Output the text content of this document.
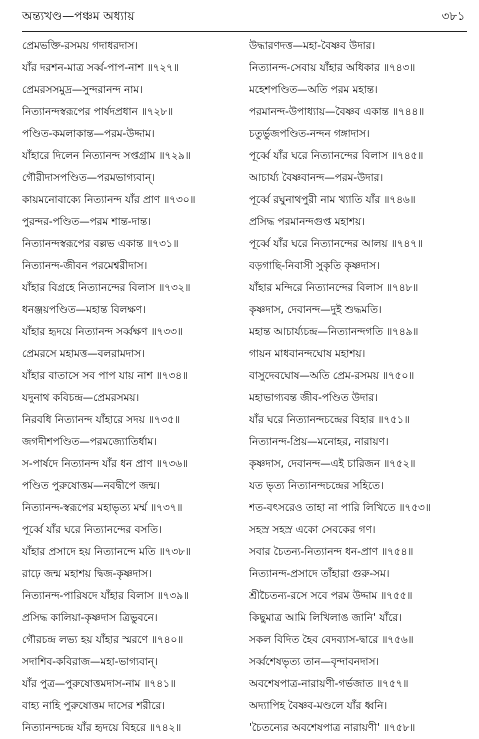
অন্ত্যখণ্ড—পঞ্চম অধ্যায়	৩৮১
প্রেমভক্তি-রসময় গদাধরদাস।
যাঁর দরশন-মাত্র সর্ব্ব-পাপ-নাশ ॥৭২৭॥
প্রেমরসসমুদ্র—সুন্দরানন্দ নাম।
নিত্যানন্দস্বরূপের পার্ষদপ্রধান ॥৭২৮॥
পণ্ডিত-কমলাকান্ত—পরম-উদ্দাম।
যাঁহারে দিলেন নিত্যানন্দ সপ্তগ্রাম ॥৭২৯॥
গৌরীদাসপণ্ডিত—পরমভাগ্যবান্।
কায়মনোবাক্যে নিত্যানন্দ যাঁর প্রাণ ॥৭৩০॥
পুরন্দর-পণ্ডিত—পরম শান্ত-দান্ত।
নিত্যানন্দস্বরূপের বল্লভ একান্ত ॥৭৩১॥
নিত্যানন্দ-জীবন পরমেশ্বরীদাস।
যাঁহার বিগ্রহে নিত্যানন্দের বিলাস ॥৭৩২॥
ধনঞ্জয়পণ্ডিত—মহান্ত বিলক্ষণ।
যাঁহার হৃদয়ে নিত্যানন্দ সর্ব্বক্ষণ ॥৭৩৩॥
প্রেমরসে মহামত্ত—বলরামদাস।
যাঁহার বাতাসে সব পাপ যায় নাশ ॥৭৩৪॥
যদুনাথ কবিচন্দ্র—প্রেমরসময়।
নিরবধি নিত্যানন্দ যাঁহারে সদয় ॥৭৩৫॥
জগদীশপণ্ডিত—পরমজ্যোতির্ধাম।
স-পার্ষদে নিত্যানন্দ যাঁর ধন প্রাণ ॥৭৩৬॥
পণ্ডিত পুরুষোত্তম—নবদ্বীপে জন্ম।
নিত্যানন্দ-স্বরূপের মহাভৃত্য মর্ম্ম ॥৭৩৭॥
পূর্ব্বে যাঁর ঘরে নিত্যানন্দের বসতি।
যাঁহার প্রসাদে হয় নিত্যানন্দে মতি ॥৭৩৮॥
রাঢ়ে জন্ম মহাশয় দ্বিজ-কৃষ্ণদাস।
নিত্যানন্দ-পারিষদে যাঁহার বিলাস ॥৭৩৯॥
প্রসিদ্ধ কালিয়া-কৃষ্ণদাস ত্রিভুবনে।
গৌরচন্দ্র লভ্য হয় যাঁহার স্মরণে ॥৭৪০॥
সদাশিব-কবিরাজ—মহা-ভাগ্যবান্।
যাঁর পুত্র—পুরুষোত্তমদাস-নাম ॥৭৪১॥
বাহ্য নাহি পুরুষোত্তম দাসের শরীরে।
নিত্যানন্দচন্দ্র যাঁর হৃদয়ে বিহরে ॥৭৪২॥
উদ্ধারণদত্ত—মহা-বৈষ্ণব উদার।
নিত্যানন্দ-সেবায় যাঁহার অধিকার ॥৭৪৩॥
মহেশপণ্ডিত—অতি পরম মহান্ত।
পরমানন্দ-উপাধ্যায়—বৈষ্ণব একান্ত ॥৭৪৪॥
চতুর্ভুজপণ্ডিত-নন্দন গঙ্গাদাস।
পূর্ব্বে যাঁর ঘরে নিত্যানন্দের বিলাস ॥৭৪৫॥
আচার্য্য বৈষ্ণবানন্দ—পরম-উদার।
পূর্ব্বে রঘুনাথপুরী নাম খ্যাতি যাঁর ॥৭৪৬॥
প্রসিদ্ধ পরমানন্দগুপ্ত মহাশয়।
পূর্ব্বে যাঁর ঘরে নিত্যানন্দের আলয় ॥৭৪৭॥
বড়গাছি-নিবাসী সুকৃতি কৃষ্ণদাস।
যাঁহার মন্দিরে নিত্যানন্দের বিলাস ॥৭৪৮॥
কৃষ্ণদাস, দেবানন্দ—দুই শুদ্ধমতি।
মহান্ত আচার্য্যচন্দ্র—নিত্যানন্দগতি ॥৭৪৯॥
গায়ন মাধবানন্দঘোষ মহাশয়।
বাসুদেবঘোষ—অতি প্রেম-রসময় ॥৭৫০॥
মহাভাগ্যবন্ত জীব-পণ্ডিত উদার।
যাঁর ঘরে নিত্যানন্দচন্দ্রের বিহার ॥৭৫১॥
নিত্যানন্দ-প্রিয়—মনোহর, নারায়ণ।
কৃষ্ণদাস, দেবানন্দ—এই চারিজন ॥৭৫২॥
যত ভৃত্য নিত্যানন্দচন্দ্রের সহিতে।
শত-বৎসরেও তাহা না পারি লিখিতে ॥৭৫৩॥
সহস্র সহস্র একো সেবকের গণ।
সবার চৈতন্য-নিত্যানন্দ ধন-প্রাণ ॥৭৫৪॥
নিত্যানন্দ-প্রসাদে তাঁহারা গুরু-সম।
শ্রীচৈতন্য-রসে সবে পরম উদ্দাম ॥৭৫৫॥
কিছুমাত্র আমি লিখিলাঙ জানি' যাঁরে।
সকল বিদিত হৈব বেদব্যাস-দ্বারে ॥৭৫৬॥
সর্ব্বশেষভৃত্য তান—বৃন্দাবনদাস।
অবশেষপাত্র-নারায়ণী-গর্ভজাত ॥৭৫৭॥
অদ্যাপিহ বৈষ্ণব-মণ্ডলে যাঁর ধ্বনি।
'চৈতন্যের অবশেষপাত্র নারায়ণী' ॥৭৫৮॥
